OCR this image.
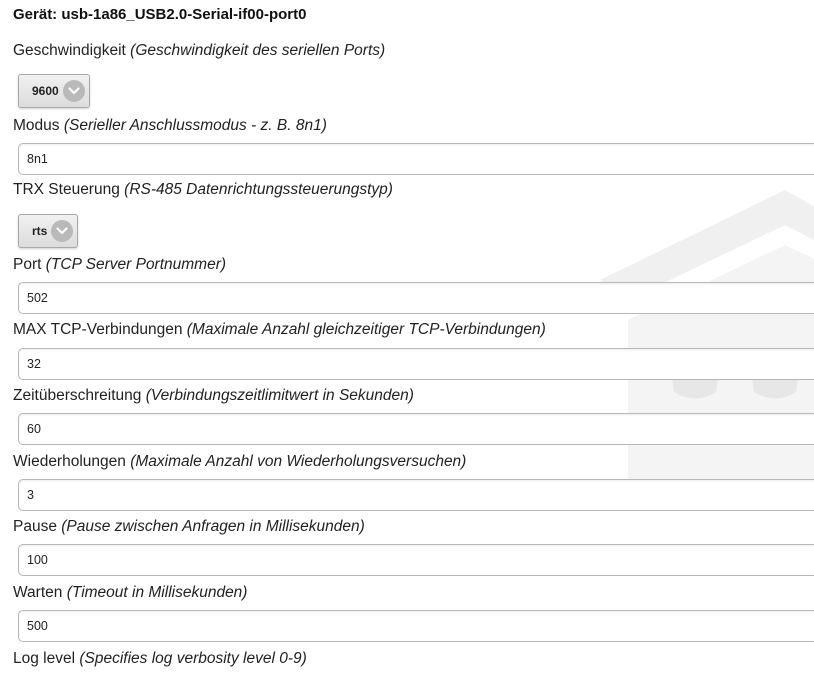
Gerät: usb-1a86_USB2.0-Serial-if00-port0
Geschwindigkeit (Geschwindigkeit des seriellen Ports)
9600
Modus (Serieller Anschlussmodus - z. B. 8n1)
8n1
TRX Steuerung (RS-485 Datenrichtungssteuerungstyp)
rts
Port (TCP Server Portnummer)
502
MAX TCP-Verbindungen (Maximale Anzahl gleichzeitiger TCP-Verbindungen)
32
Zeitüberschreitung (Verbindungszeitlimitwert in Sekunden)
60
Wiederholungen (Maximale Anzahl von Wiederholungsversuchen)
3
Pause (Pause zwischen Anfragen in Millisekunden)
100
Warten (Timeout in Millisekunden)
500
Log level (Specifies log verbosity level 0-9)
